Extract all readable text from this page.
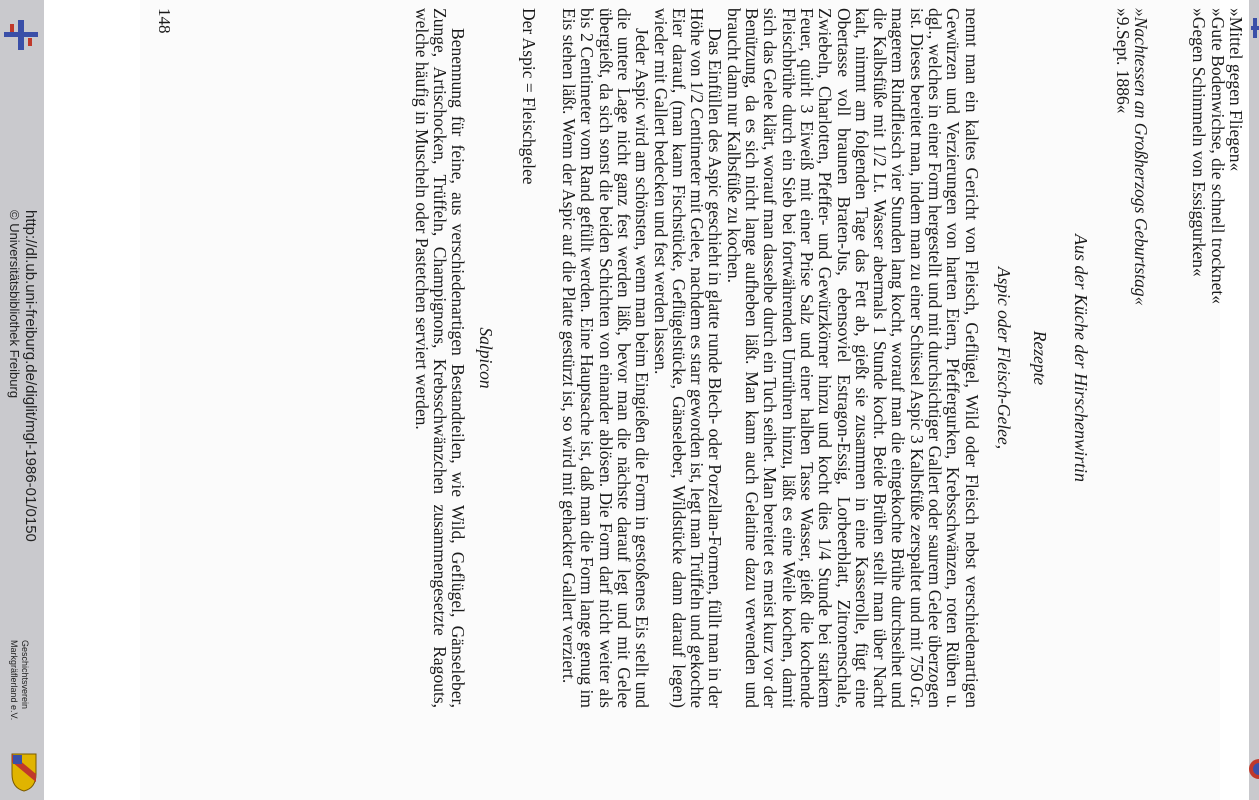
http://dl.ub.uni-freiburg.de/diglit/mgl-1986-01/0150
© Universitätsbibliothek Freiburg
Geschichtsverein
Markgräflerland e.V.
»Mittel gegen Fliegen«
»Gute Bodenwichse, die schnell trocknet«
»Gegen Schimmeln von Essiggurken«
»Nachtessen an Großherzogs Geburtstag«
»9.Sept. 1886«

Aus der Küche der Hirschenwirtin

Rezepte

Aspic oder Fleisch-Gelee,

nennt man ein kaltes Gericht von Fleisch, Geflügel, Wild oder Fleisch nebst verschiedenartigen Gewürzen und Verzierungen von harten Eiern, Pfeffergurken, Krebsschwänzen, roten Rüben u. dgl., welches in einer Form hergestellt und mit durchsichtiger Gallert oder saurem Gelee überzogen ist. Dieses bereitet man, indem man zu einer Schüssel Aspic 3 Kalbsfüße zerspaltet und mit 750 Gr. magerem Rindfleisch vier Stunden lang kocht, worauf man die eingekochte Brühe durchseihet und die Kalbsfüße mit 1/2 Lt. Wasser abermals 1 Stunde kocht. Beide Brühen stellt man über Nacht kalt, nimmt am folgenden Tage das Fett ab, gießt sie zusammen in eine Kasserolle, fügt eine Obertasse voll braunen Braten-Jus, ebensoviel Estragon-Essig, Lorbeerblatt, Zitronenschale, Zwiebeln, Charlotten, Pfeffer- und Gewürzkörner hinzu und kocht dies 1/4 Stunde bei starkem Feuer, quirlt 3 Eiweiß mit einer Prise Salz und einer halben Tasse Wasser, gießt die kochende Fleischbrühe durch ein Sieb bei fortwährenden Umrühren hinzu, läßt es eine Weile kochen, damit sich das Gelee klärt, worauf man dasselbe durch ein Tuch seihet. Man bereitet es meist kurz vor der Benützung, da es sich nicht lange aufheben läßt. Man kann auch Gelatine dazu verwenden und braucht dann nur Kalbsfüße zu kochen.

Das Einfüllen des Aspic geschieht in glatte runde Blech- oder Porzellan-Formen, füllt man in der Höhe von 1/2 Centimeter mit Gelee, nachdem es starr geworden ist, legt man Trüffeln und gekochte Eier darauf, (man kann Fischstücke, Geflügelstücke, Gänseleber, Wildstücke dann darauf legen) wieder mit Gallert bedecken und fest werden lassen.

Jeder Aspic wird am schönsten, wenn man beim Eingießen die Form in gestoßenes Eis stellt und die untere Lage nicht ganz fest werden läßt, bevor man die nächste darauf legt und mit Gelee übergießt, da sich sonst die beiden Schichten von einander ablösen. Die Form darf nicht weiter als bis 2 Centimeter vom Rand gefüllt werden. Eine Hauptsache ist, daß man die Form lange genug im Eis stehen läßt. Wenn der Aspic auf die Platte gestürzt ist, so wird mit gehackter Gallert verziert.

Der Aspic = Fleischgelee

Salpicon

Benennung für feine, aus verschiedenartigen Bestandteilen, wie Wild, Geflügel, Gänseleber, Zunge, Artischocken, Trüffeln, Champignons, Krebsschwänzchen zusammengesetzte Ragouts, welche häufig in Muscheln oder Pastetchen serviert werden.

148
